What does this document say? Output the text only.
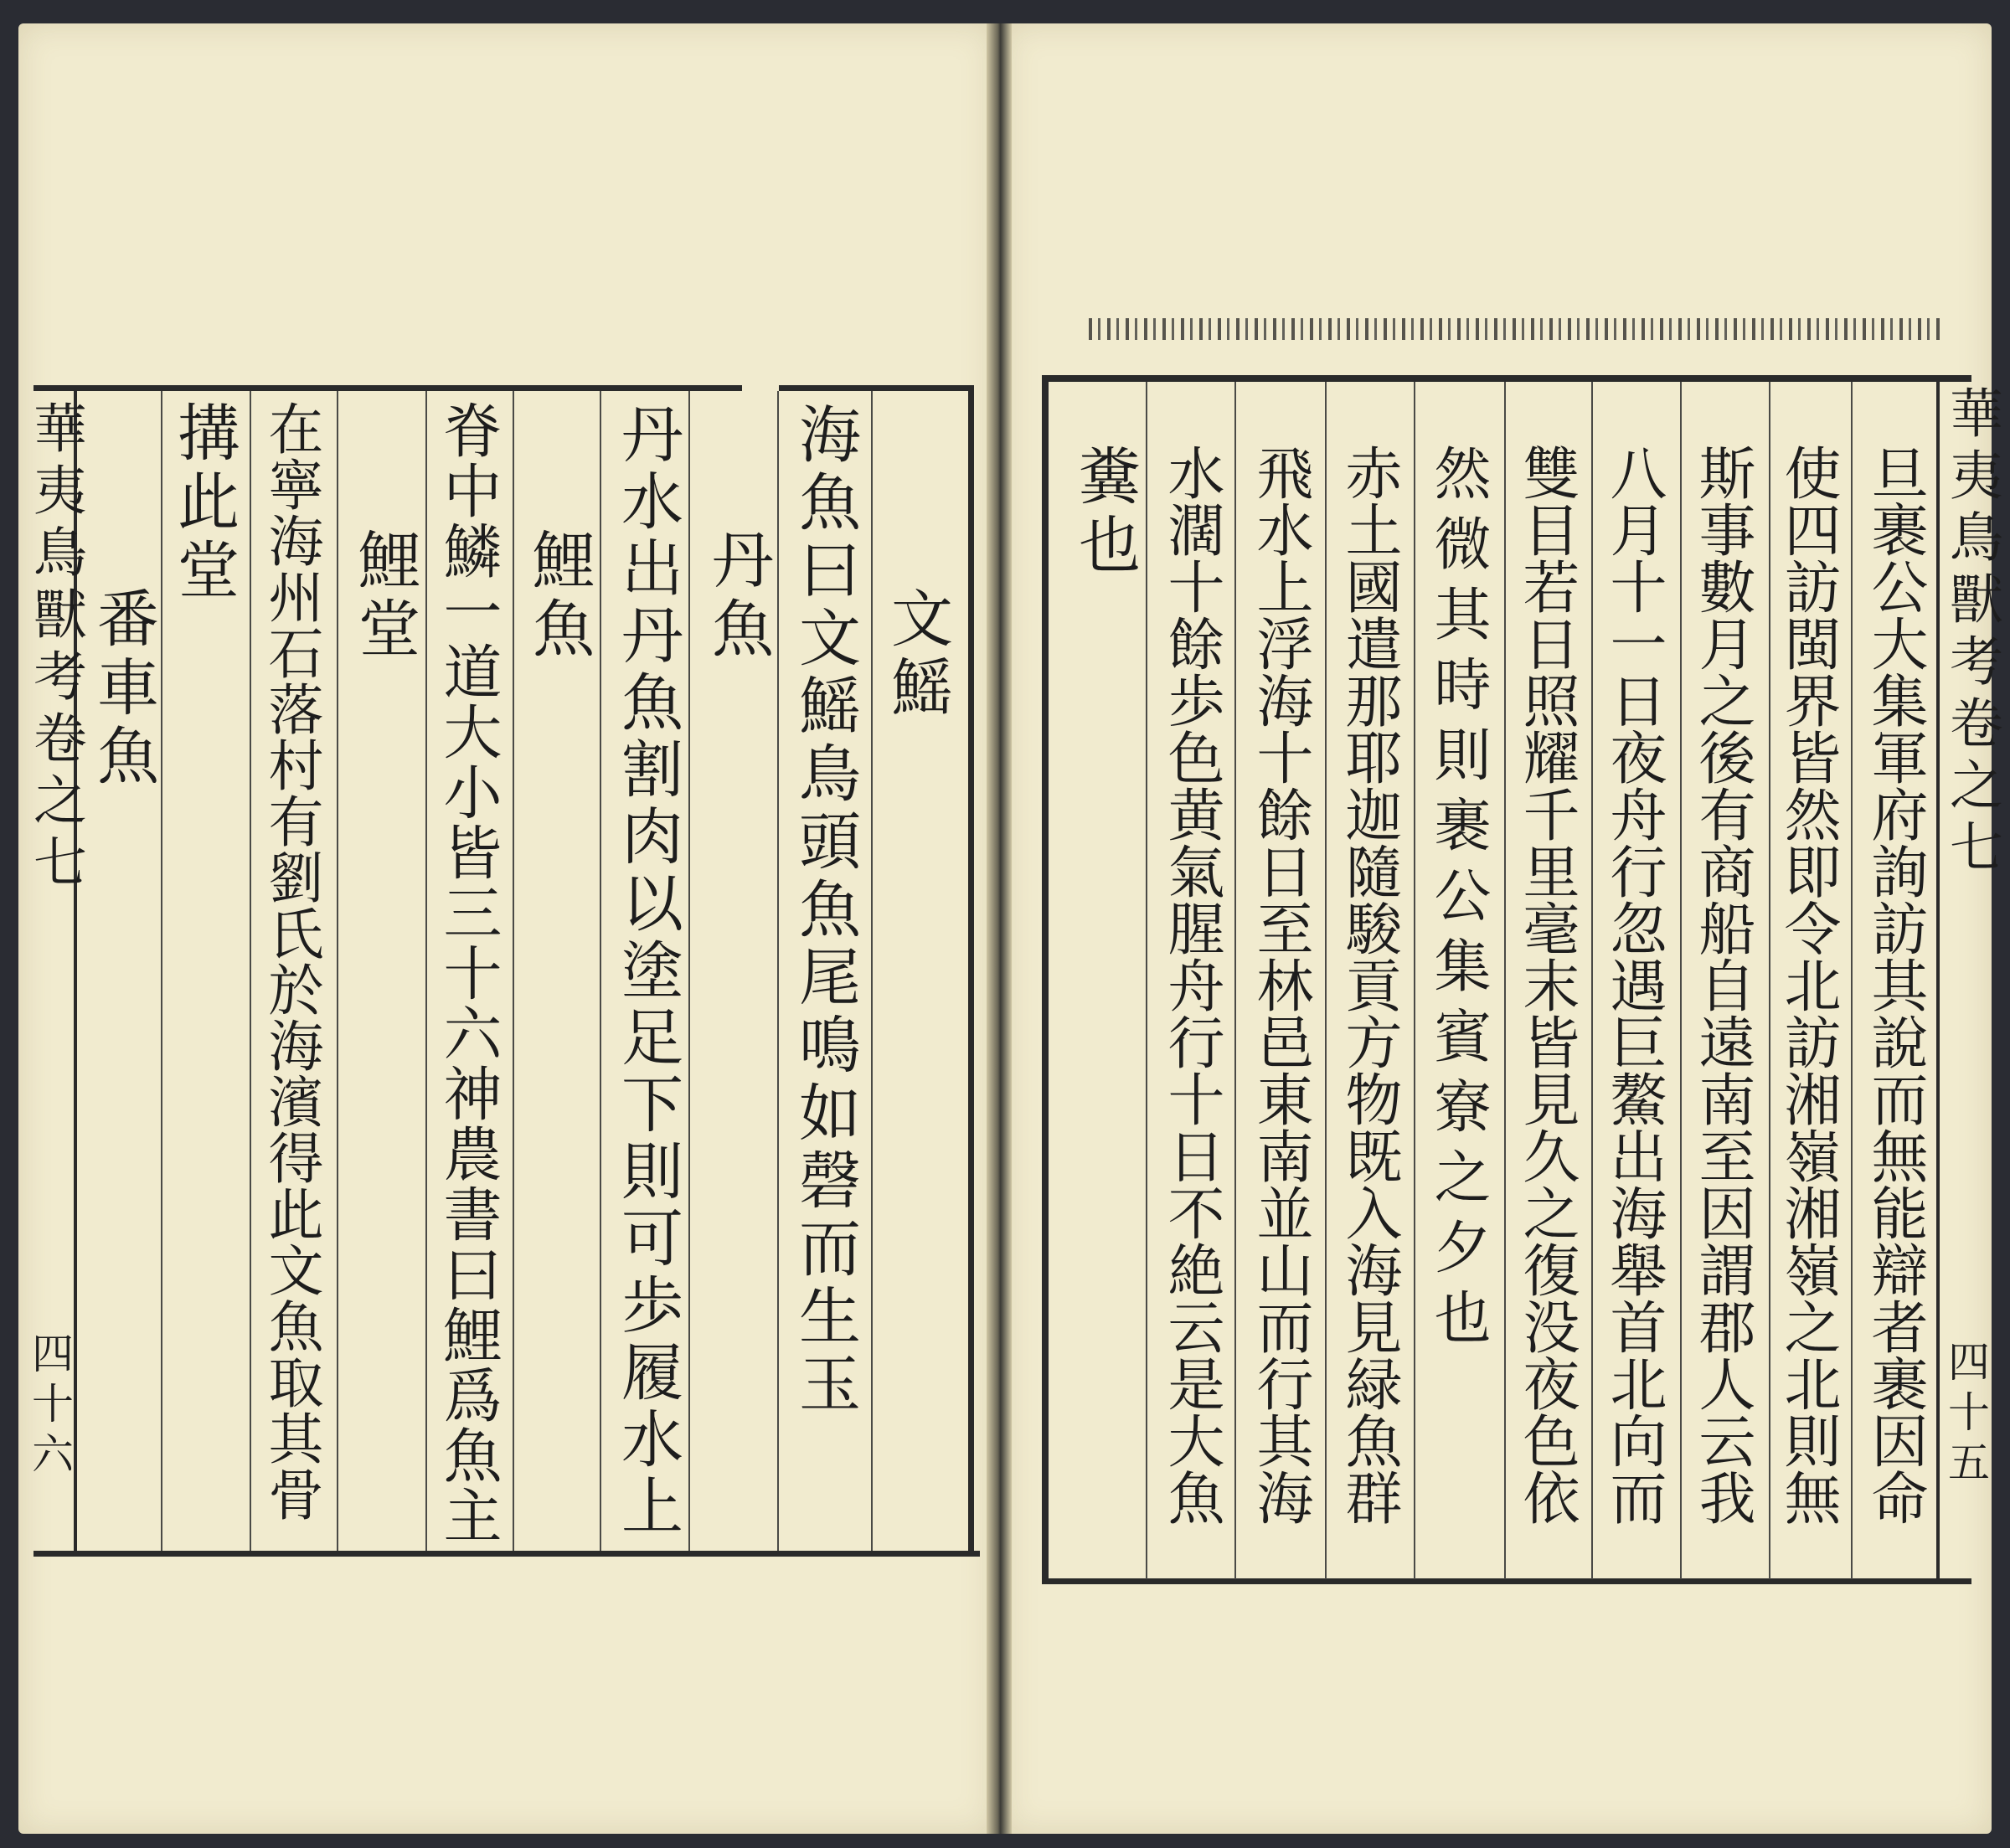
華夷鳥獸考卷之七
四十六
文鰩
海魚曰文鰩鳥頭魚尾鳴如磬而生玉
丹魚
丹水出丹魚割肉以塗足下則可歩履水上
鯉魚
脊中鱗一道大小皆三十六神農書曰鯉爲魚主
鯉堂
在寧海州石落村有劉氏於海濱得此文魚取其骨
番車魚
搆此堂	華夷鳥獸考卷之七
四十五
旦裹公大集軍府詢訪其說而無能辯者裹因命
使四訪閩界皆然即令北訪湘嶺湘嶺之北則無
斯事數月之後有商船自遠南至因謂郡人云我
八月十一日夜舟行忽遇巨鰲出海舉首北向而
雙目若日照耀千里毫末皆見久之復没夜色依
然微其時則裹公集賓寮之夕也
赤土國遣那耶迦隨駿貢方物既入海見緑魚群
飛水上浮海十餘日至林邑東南並山而行其海
水濶十餘歩色黄氣腥舟行十日不絶云是大魚
糞也
